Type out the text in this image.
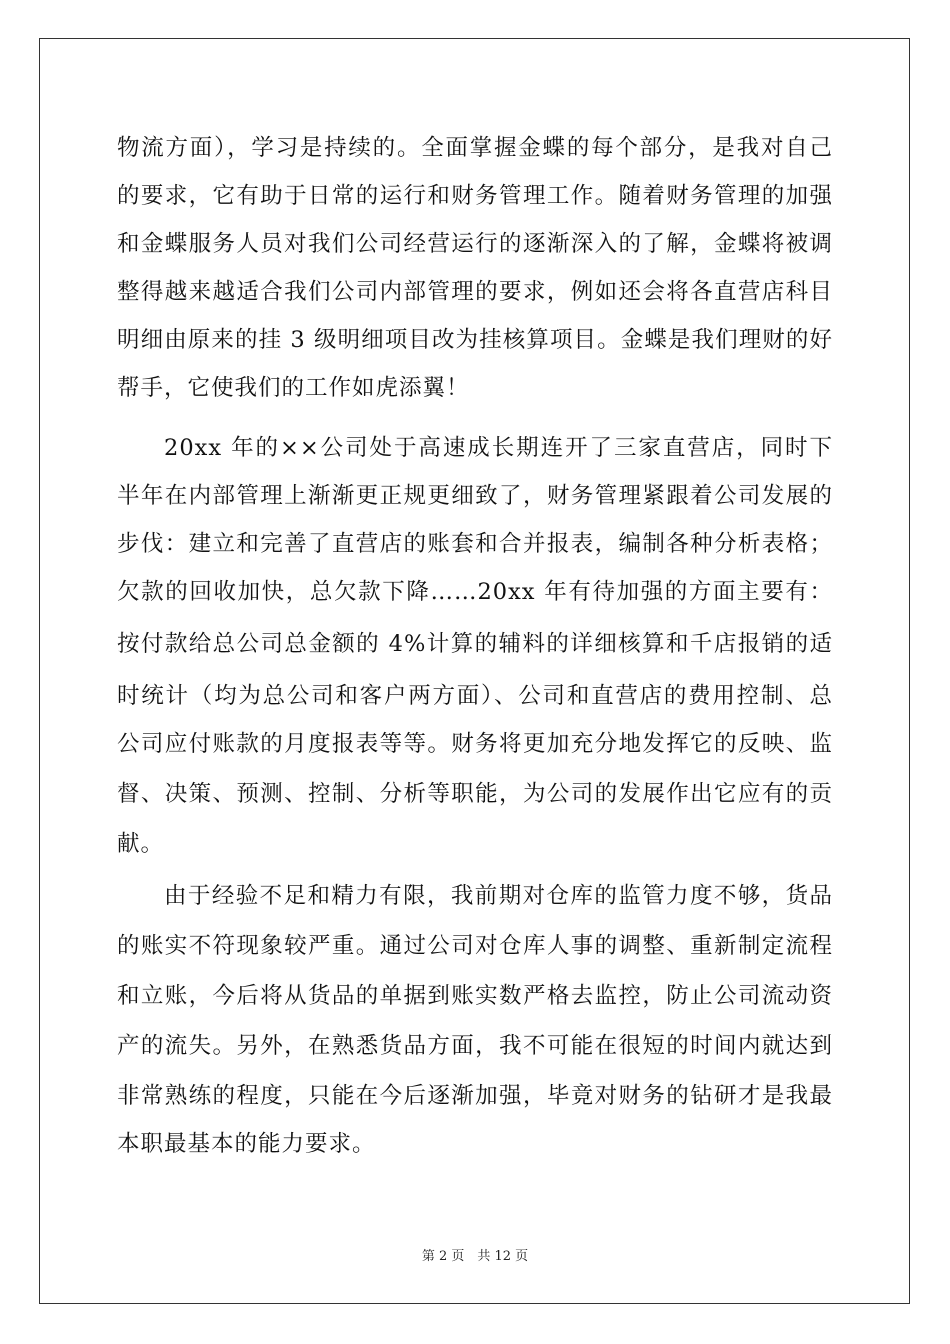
物流方面），学习是持续的。全面掌握金蝶的每个部分，是我对自己
的要求，它有助于日常的运行和财务管理工作。随着财务管理的加强
和金蝶服务人员对我们公司经营运行的逐渐深入的了解，金蝶将被调
整得越来越适合我们公司内部管理的要求，例如还会将各直营店科目
明细由原来的挂 3 级明细项目改为挂核算项目。金蝶是我们理财的好
帮手，它使我们的工作如虎添翼！
20xx 年的××公司处于高速成长期连开了三家直营店，同时下
半年在内部管理上渐渐更正规更细致了，财务管理紧跟着公司发展的
步伐：建立和完善了直营店的账套和合并报表，编制各种分析表格；
欠款的回收加快，总欠款下降……20xx 年有待加强的方面主要有：
按付款给总公司总金额的 4%计算的辅料的详细核算和千店报销的适
时统计（均为总公司和客户两方面）、公司和直营店的费用控制、总
公司应付账款的月度报表等等。财务将更加充分地发挥它的反映、监
督、决策、预测、控制、分析等职能，为公司的发展作出它应有的贡
献。
由于经验不足和精力有限，我前期对仓库的监管力度不够，货品
的账实不符现象较严重。通过公司对仓库人事的调整、重新制定流程
和立账，今后将从货品的单据到账实数严格去监控，防止公司流动资
产的流失。另外，在熟悉货品方面，我不可能在很短的时间内就达到
非常熟练的程度，只能在今后逐渐加强，毕竟对财务的钻研才是我最
本职最基本的能力要求。
第 2 页　共 12 页
